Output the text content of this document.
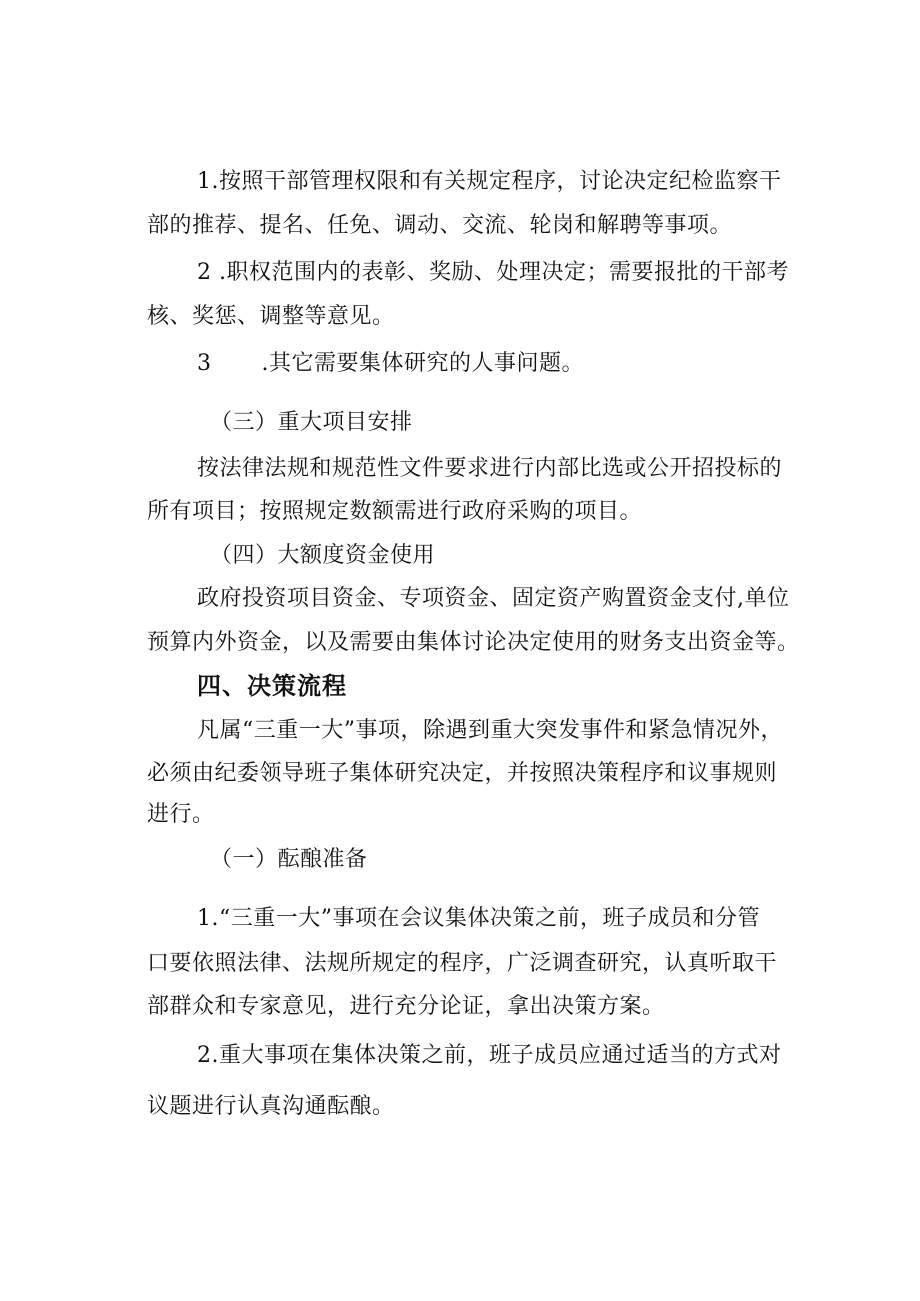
1.按照干部管理权限和有关规定程序，讨论决定纪检监察干
部的推荐、提名、任免、调动、交流、轮岗和解聘等事项。
2 .职权范围内的表彰、奖励、处理决定；需要报批的干部考
核、奖惩、调整等意见。
3 .其它需要集体研究的人事问题。
（三）重大项目安排
按法律法规和规范性文件要求进行内部比选或公开招投标的
所有项目；按照规定数额需进行政府采购的项目。
（四）大额度资金使用
政府投资项目资金、专项资金、固定资产购置资金支付,单位
预算内外资金，以及需要由集体讨论决定使用的财务支出资金等。
四、决策流程
凡属“三重一大”事项，除遇到重大突发事件和紧急情况外，
必须由纪委领导班子集体研究决定，并按照决策程序和议事规则
进行。
（一）酝酿准备
1.“三重一大”事项在会议集体决策之前，班子成员和分管
口要依照法律、法规所规定的程序，广泛调查研究，认真听取干
部群众和专家意见，进行充分论证，拿出决策方案。
2.重大事项在集体决策之前，班子成员应通过适当的方式对
议题进行认真沟通酝酿。
